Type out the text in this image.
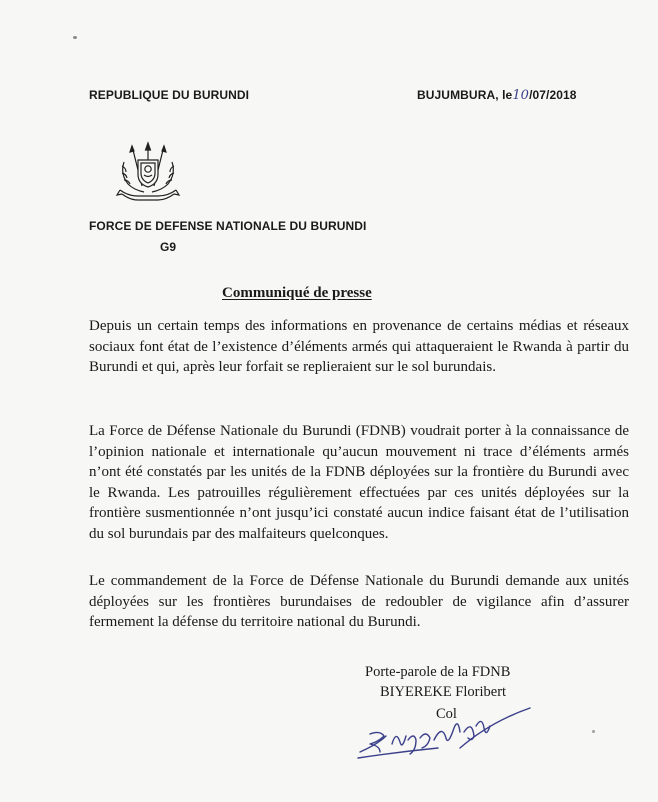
REPUBLIQUE DU BURUNDI	BUJUMBURA, le10/07/2018
FORCE DE DEFENSE NATIONALE DU BURUNDI
G9
Communiqué de presse
Depuis un certain temps des informations en provenance de certains médias et réseaux sociaux font état de l’existence d’éléments armés qui attaqueraient le Rwanda à partir du Burundi et qui, après leur forfait se replieraient sur le sol burundais.
La Force de Défense Nationale du Burundi (FDNB) voudrait porter à la connaissance de l’opinion nationale et internationale qu’aucun mouvement ni trace d’éléments armés n’ont été constatés par les unités de la FDNB déployées sur la frontière du Burundi avec le Rwanda. Les patrouilles régulièrement effectuées par ces unités déployées sur la frontière susmentionnée n’ont jusqu’ici constaté aucun indice faisant état de l’utilisation du sol burundais par des malfaiteurs quelconques.
Le commandement de la Force de Défense Nationale du Burundi demande aux unités déployées sur les frontières burundaises de redoubler de vigilance afin d’assurer fermement la défense du territoire national du Burundi.
Porte-parole de la FDNB
BIYEREKE Floribert
Col
